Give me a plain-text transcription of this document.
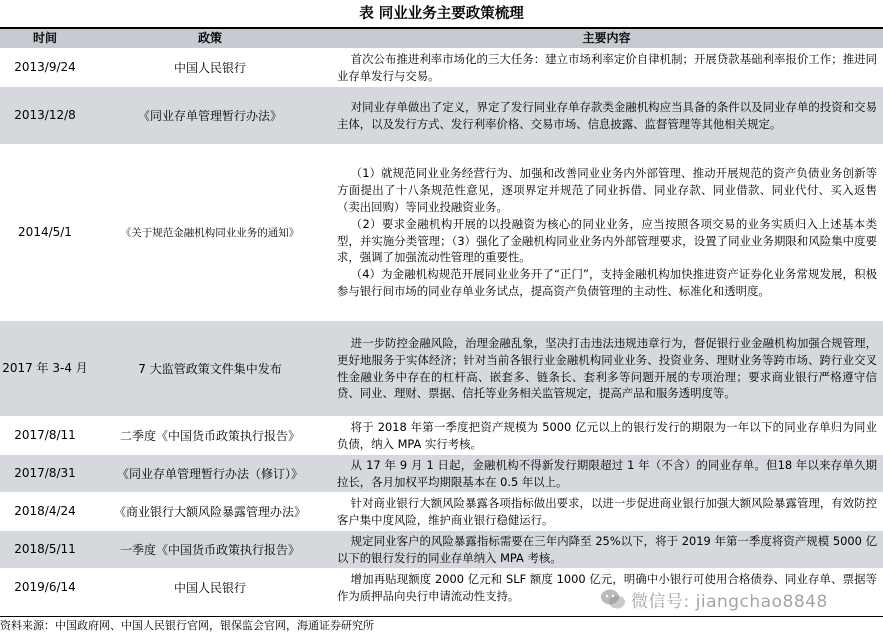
表 同业业务主要政策梳理
时间	政策	主要内容
2013/9/24	中国人民银行	首次公布推进利率市场化的三大任务：建立市场利率定价自律机制；开展贷款基础利率报价工作；推进同业存单发行与交易。

2013/12/8	《同业存单管理暂行办法》	对同业存单做出了定义，界定了发行同业存单存款类金融机构应当具备的条件以及同业存单的投资和交易主体，以及发行方式、发行利率价格、交易市场、信息披露、监督管理等其他相关规定。

2014/5/1	《关于规范金融机构同业业务的通知》	（1）就规范同业业务经营行为、加强和改善同业业务内外部管理、推动开展规范的资产负债业务创新等方面提出了十八条规范性意见，逐项界定并规范了同业拆借、同业存款、同业借款、同业代付、买入返售（卖出回购）等同业投融资业务。
（2）要求金融机构开展的以投融资为核心的同业业务，应当按照各项交易的业务实质归入上述基本类型，并实施分类管理；（3）强化了金融机构同业业务内外部管理要求，设置了同业业务期限和风险集中度要求，强调了加强流动性管理的重要性。
（4）为金融机构规范开展同业业务开了“正门”，支持金融机构加快推进资产证券化业务常规发展，积极参与银行间市场的同业存单业务试点，提高资产负债管理的主动性、标准化和透明度。

2017 年 3-4 月	7 大监管政策文件集中发布	进一步防控金融风险，治理金融乱象，坚决打击违法违规违章行为，督促银行业金融机构加强合规管理，更好地服务于实体经济；针对当前各银行业金融机构同业业务、投资业务、理财业务等跨市场、跨行业交叉性金融业务中存在的杠杆高、嵌套多、链条长、套利多等问题开展的专项治理；要求商业银行严格遵守信贷、同业、理财、票据、信托等业务相关监管规定，提高产品和服务透明度等。

2017/8/11	二季度《中国货币政策执行报告》	将于 2018 年第一季度把资产规模为 5000 亿元以上的银行发行的期限为一年以下的同业存单归为同业负债，纳入 MPA 实行考核。

2017/8/31	《同业存单管理暂行办法（修订）》	从 17 年 9 月 1 日起，金融机构不得新发行期限超过 1 年（不含）的同业存单。但18 年以来存单久期拉长，各月加权平均期限基本在 0.5 年以上。

2018/4/24	《商业银行大额风险暴露管理办法》	针对商业银行大额风险暴露各项指标做出要求，以进一步促进商业银行加强大额风险暴露管理，有效防控客户集中度风险，维护商业银行稳健运行。

2018/5/11	一季度《中国货币政策执行报告》	规定同业客户的风险暴露指标需要在三年内降至 25%以下，将于 2019 年第一季度将资产规模 5000 亿以下的银行发行的同业存单纳入 MPA 考核。

2019/6/14	中国人民银行	增加再贴现额度 2000 亿元和 SLF 额度 1000 亿元，明确中小银行可使用合格债券、同业存单、票据等作为质押品向央行申请流动性支持。
资料来源：中国政府网、中国人民银行官网，银保监会官网，海通证券研究所
微信号: jiangchao8848
